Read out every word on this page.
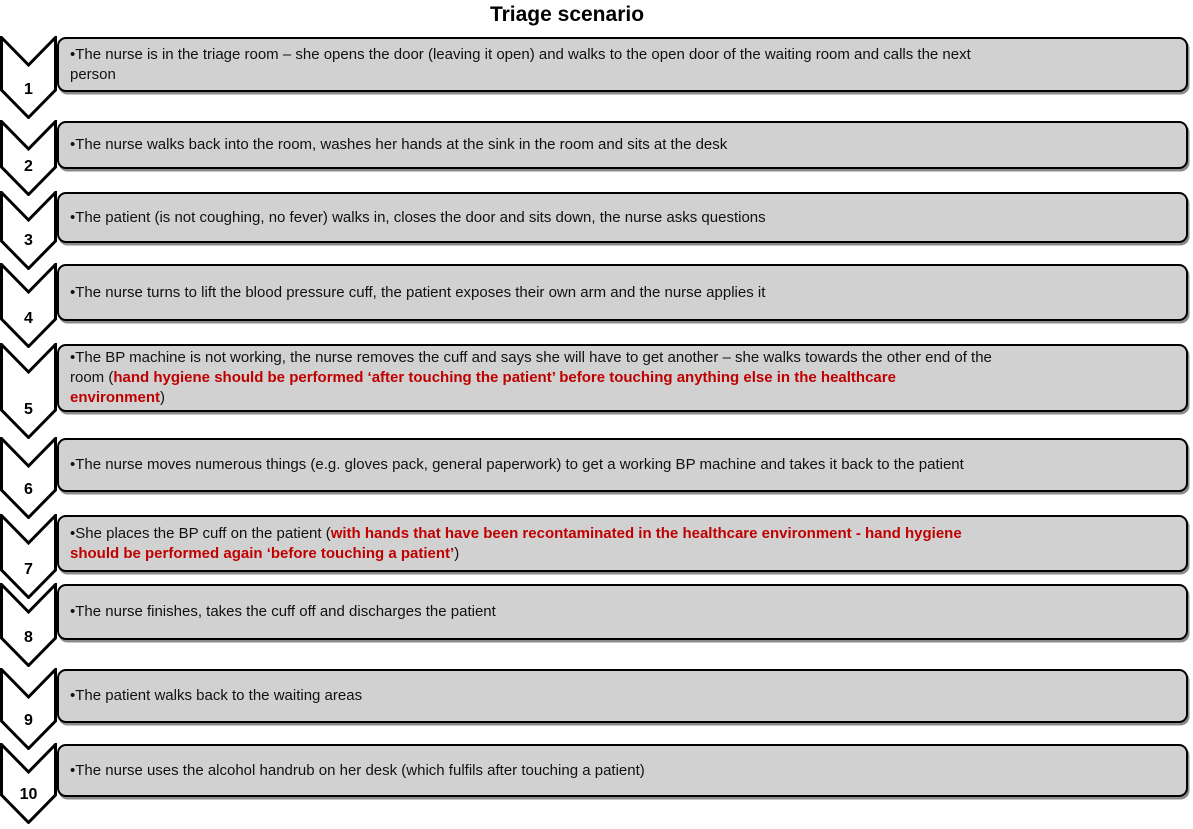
Triage scenario
1
•The nurse is in the triage room – she opens the door (leaving it open) and walks to the open door of the waiting room and calls the next
person
2
•The nurse walks back into the room, washes her hands at the sink in the room and sits at the desk
3
•The patient (is not coughing, no fever) walks in, closes the door and sits down, the nurse asks questions
4
•The nurse turns to lift the blood pressure cuff, the patient exposes their own arm and the nurse applies it
5
•The BP machine is not working, the nurse removes the cuff and says she will have to get another – she walks towards the other end of the
room (hand hygiene should be performed ‘after touching the patient’ before touching anything else in the healthcare
environment)
6
•The nurse moves numerous things (e.g. gloves pack, general paperwork) to get a working BP machine and takes it back to the patient
7
•She places the BP cuff on the patient (with hands that have been recontaminated in the healthcare environment - hand hygiene
should be performed again ‘before touching a patient’)
8
•The nurse finishes, takes the cuff off and discharges the patient
9
•The patient walks back to the waiting areas
10
•The nurse uses the alcohol handrub on her desk (which fulfils after touching a patient)
